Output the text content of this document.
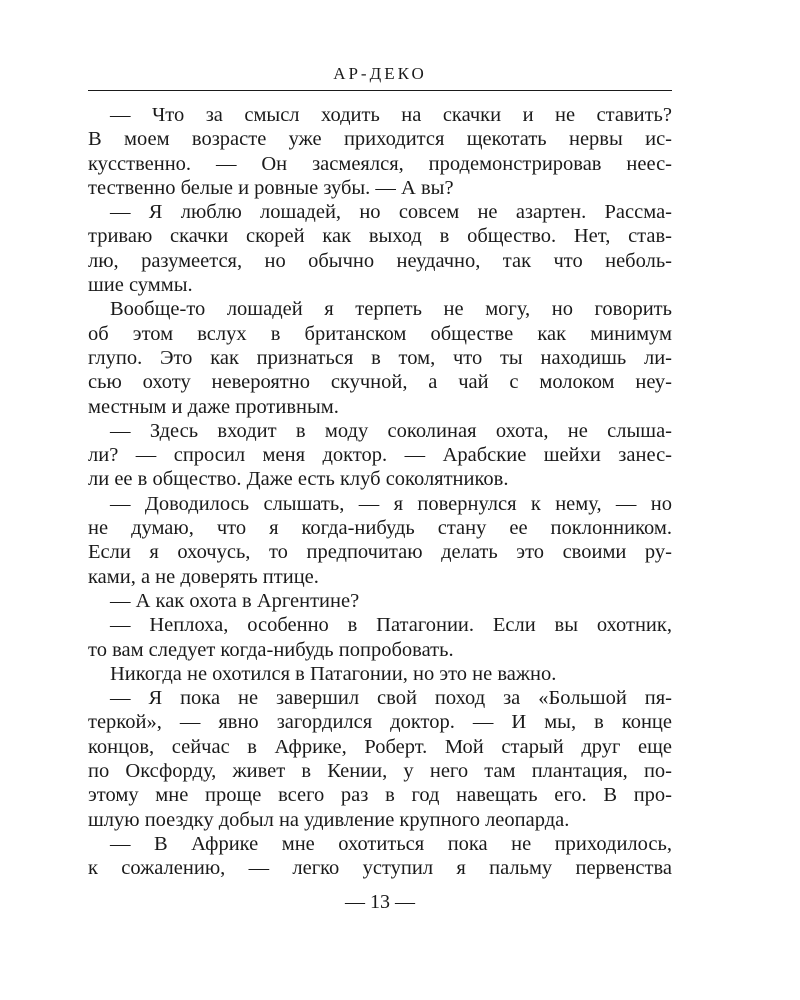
АР-ДЕКО
— Что за смысл ходить на скачки и не ставить?
В моем возрасте уже приходится щекотать нервы ис-
кусственно. — Он засмеялся, продемонстрировав неес-
тественно белые и ровные зубы. — А вы?
— Я люблю лошадей, но совсем не азартен. Рассма-
триваю скачки скорей как выход в общество. Нет, став-
лю, разумеется, но обычно неудачно, так что неболь-
шие суммы.
Вообще-то лошадей я терпеть не могу, но говорить
об этом вслух в британском обществе как минимум
глупо. Это как признаться в том, что ты находишь ли-
сью охоту невероятно скучной, а чай с молоком неу-
местным и даже противным.
— Здесь входит в моду соколиная охота, не слыша-
ли? — спросил меня доктор. — Арабские шейхи занес-
ли ее в общество. Даже есть клуб соколятников.
— Доводилось слышать, — я повернулся к нему, — но
не думаю, что я когда-нибудь стану ее поклонником.
Если я охочусь, то предпочитаю делать это своими ру-
ками, а не доверять птице.
— А как охота в Аргентине?
— Неплоха, особенно в Патагонии. Если вы охотник,
то вам следует когда-нибудь попробовать.
Никогда не охотился в Патагонии, но это не важно.
— Я пока не завершил свой поход за «Большой пя-
теркой», — явно загордился доктор. — И мы, в конце
концов, сейчас в Африке, Роберт. Мой старый друг еще
по Оксфорду, живет в Кении, у него там плантация, по-
этому мне проще всего раз в год навещать его. В про-
шлую поездку добыл на удивление крупного леопарда.
— В Африке мне охотиться пока не приходилось,
к сожалению, — легко уступил я пальму первенства
— 13 —
